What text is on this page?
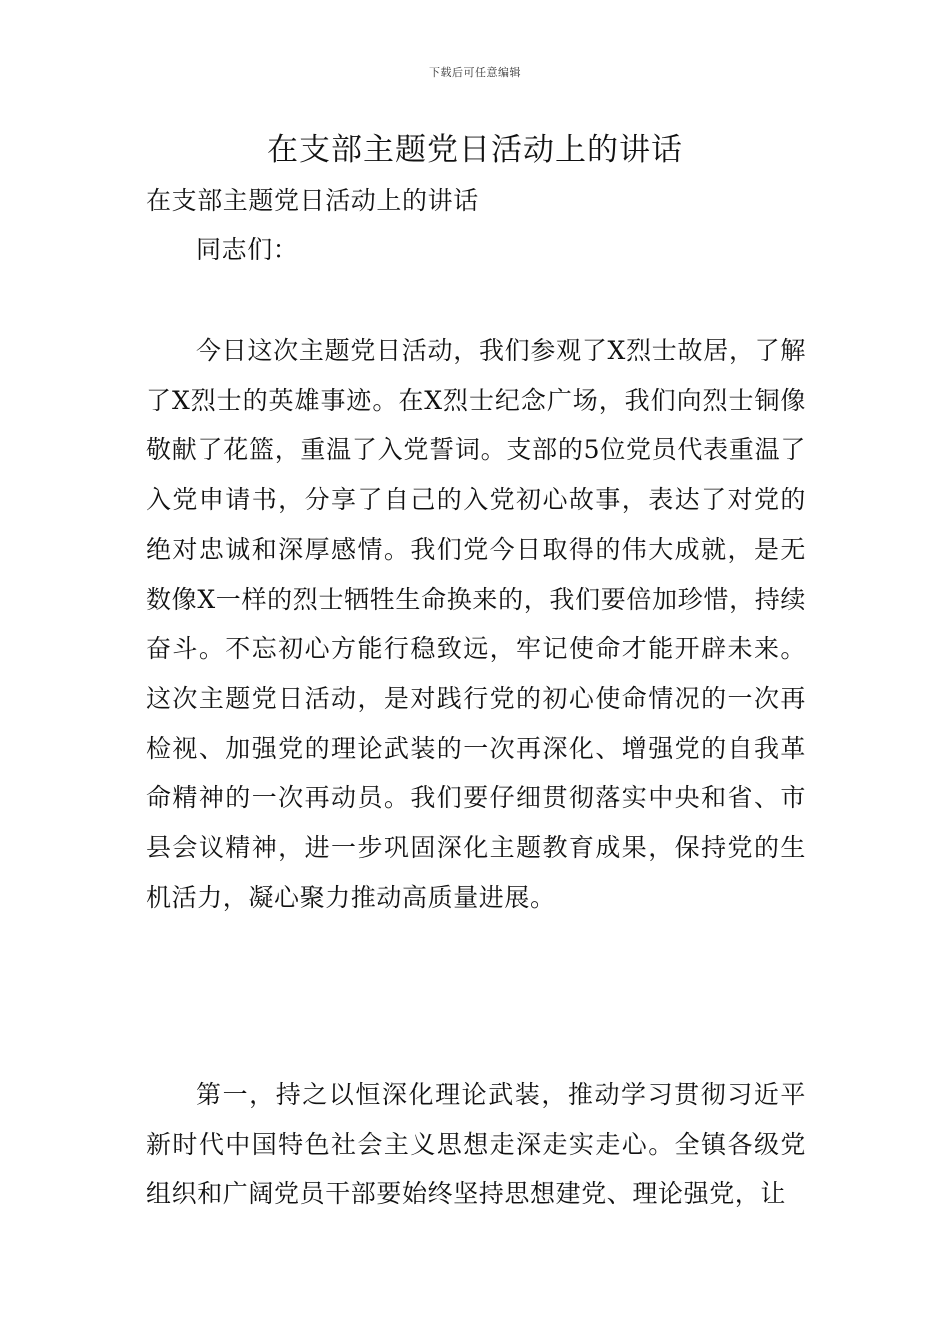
下载后可任意编辑
在支部主题党日活动上的讲话

在支部主题党日活动上的讲话

同志们：

今日这次主题党日活动，我们参观了X烈士故居，了解了X烈士的英雄事迹。在X烈士纪念广场，我们向烈士铜像敬献了花篮，重温了入党誓词。支部的5位党员代表重温了入党申请书，分享了自己的入党初心故事，表达了对党的绝对忠诚和深厚感情。我们党今日取得的伟大成就，是无数像X一样的烈士牺牲生命换来的，我们要倍加珍惜，持续奋斗。不忘初心方能行稳致远，牢记使命才能开辟未来。这次主题党日活动，是对践行党的初心使命情况的一次再检视、加强党的理论武装的一次再深化、增强党的自我革命精神的一次再动员。我们要仔细贯彻落实中央和省、市县会议精神，进一步巩固深化主题教育成果，保持党的生机活力，凝心聚力推动高质量进展。

第一，持之以恒深化理论武装，推动学习贯彻习近平新时代中国特色社会主义思想走深走实走心。全镇各级党组织和广阔党员干部要始终坚持思想建党、理论强党，让
